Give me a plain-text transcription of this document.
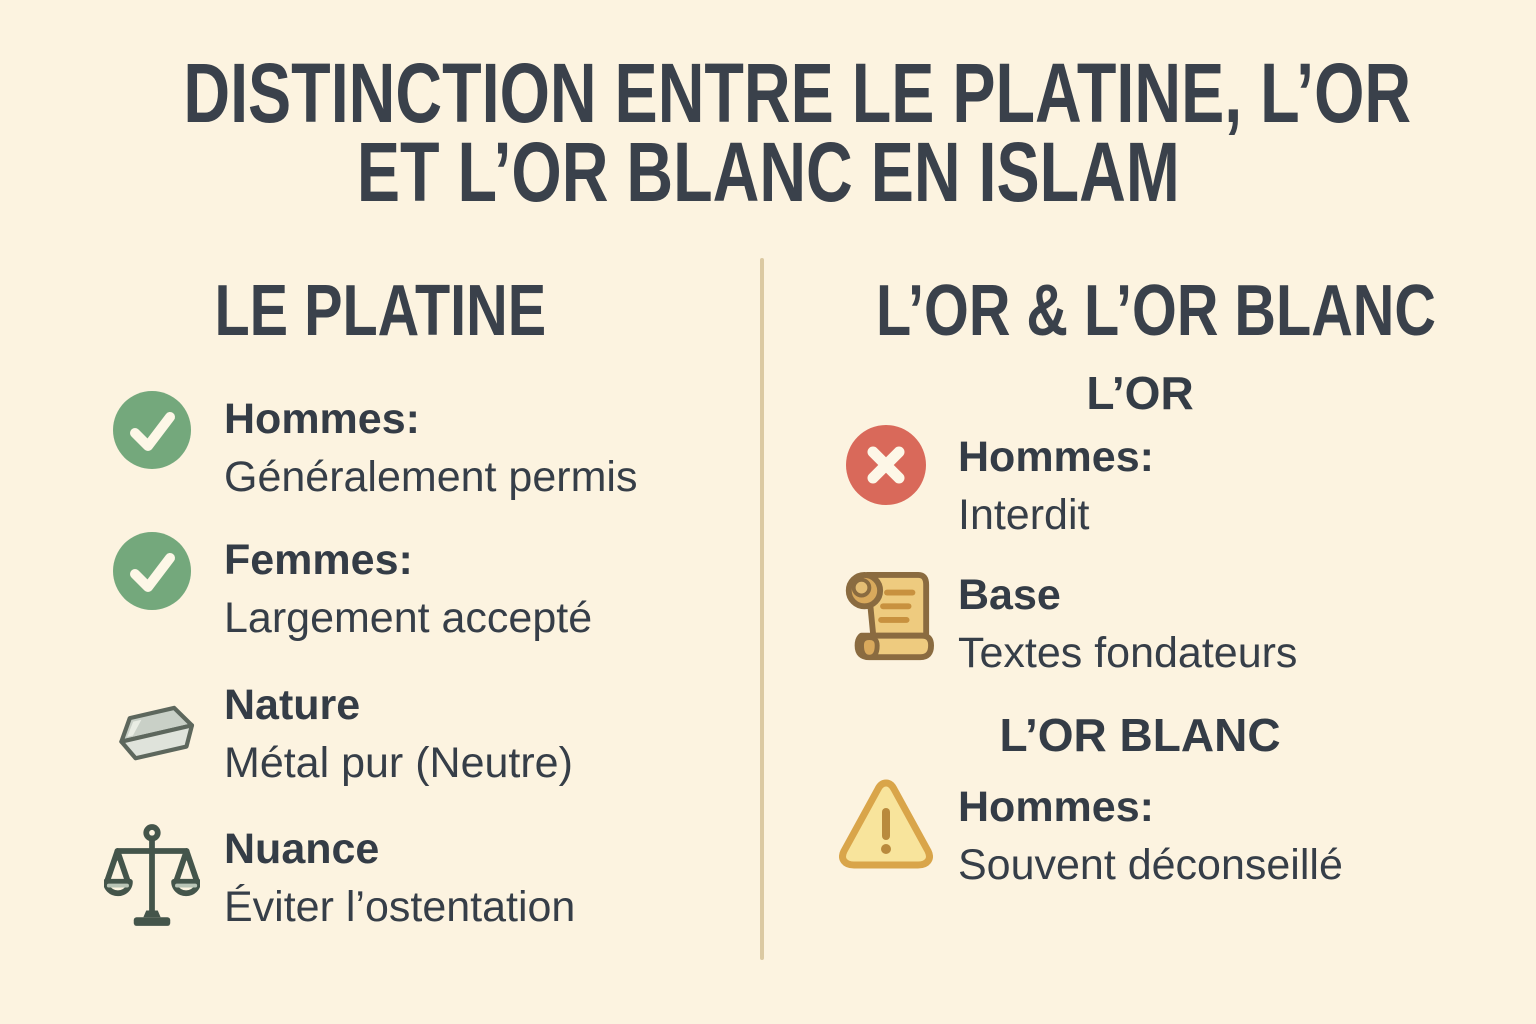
DISTINCTION ENTRE LE PLATINE, L’OR
ET L’OR BLANC EN ISLAM
LE PLATINE	L’OR & L’OR BLANC
Hommes:
Généralement permis
Femmes:
Largement accepté
Nature
Métal pur (Neutre)
Nuance
Éviter l’ostentation
L’OR
Hommes:
Interdit
Base
Textes fondateurs
L’OR BLANC
Hommes:
Souvent déconseillé
